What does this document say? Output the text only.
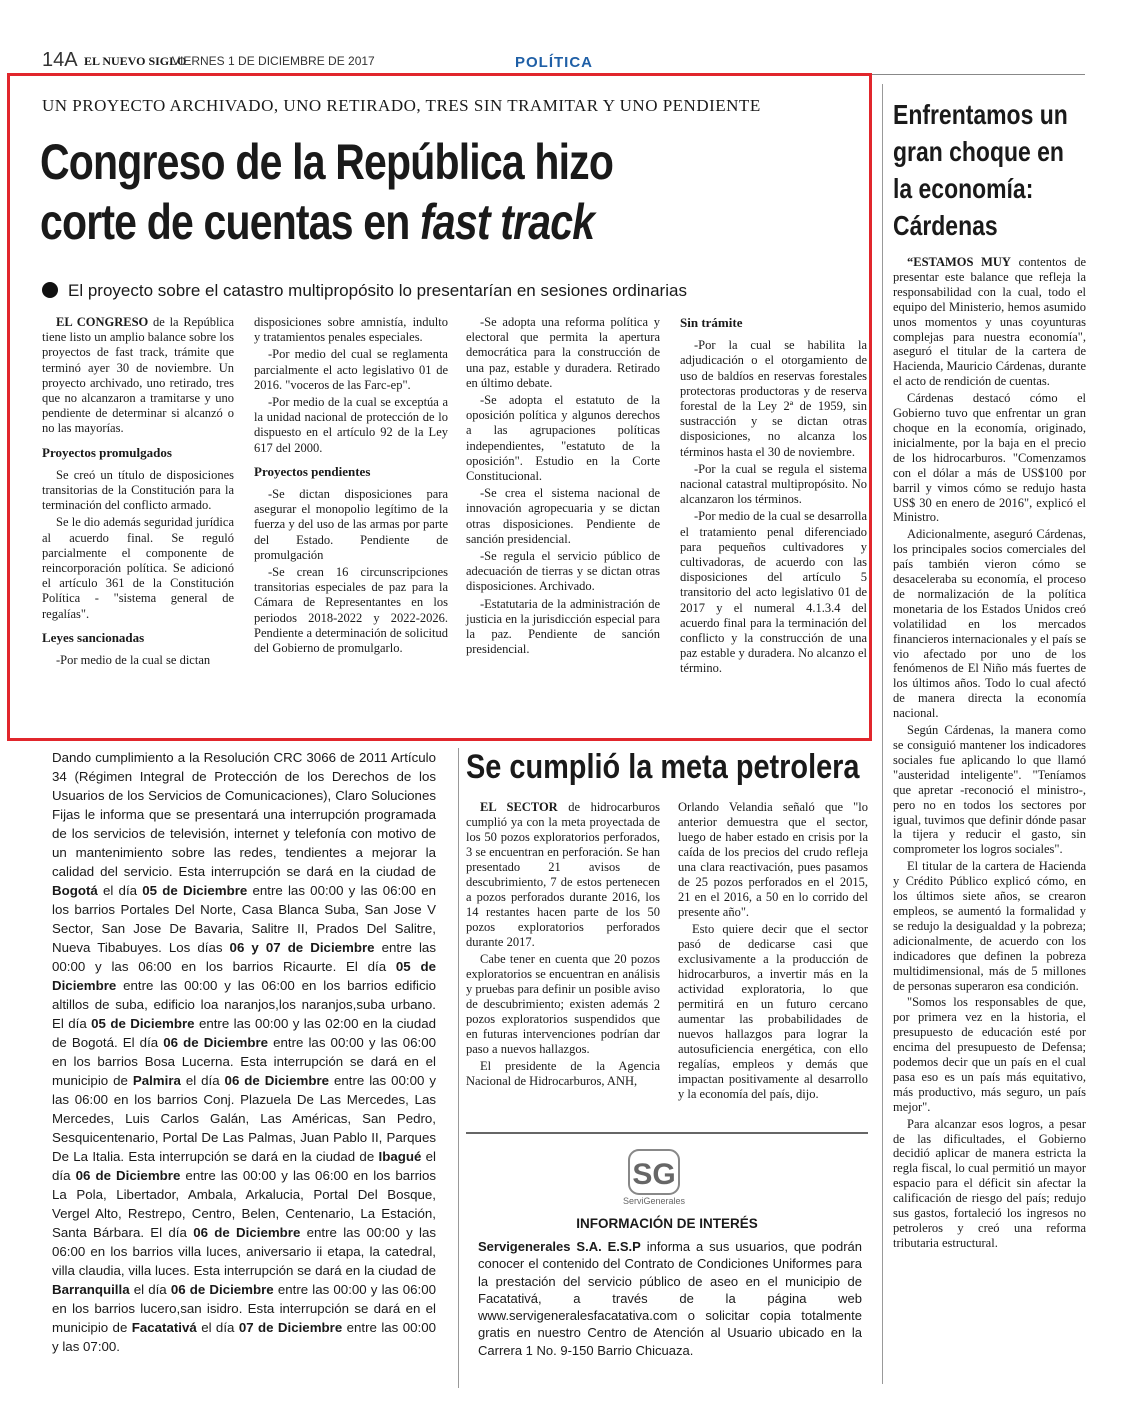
14A EL NUEVO SIGLO
VIERNES 1 DE DICIEMBRE DE 2017	POLÍTICA
UN PROYECTO ARCHIVADO, UNO RETIRADO, TRES SIN TRAMITAR Y UNO PENDIENTE
Congreso de la República hizo corte de cuentas en fast track
El proyecto sobre el catastro multipropósito lo presentarían en sesiones ordinarias

EL CONGRESO de la República tiene listo un amplio balance sobre los proyectos de fast track, trámite que terminó ayer 30 de noviembre. Un proyecto archivado, uno retirado, tres que no alcanzaron a tramitarse y uno pendiente de determinar si alcanzó o no las mayorías.

Proyectos promulgados

Se creó un título de disposiciones transitorias de la Constitución para la terminación del conflicto armado.

Se le dio además seguridad jurídica al acuerdo final. Se reguló parcialmente el componente de reincorporación política. Se adicionó el artículo 361 de la Constitución Política - "sistema general de regalías".

Leyes sancionadas

-Por medio de la cual se dictan

disposiciones sobre amnistía, indulto y tratamientos penales especiales.

-Por medio del cual se reglamenta parcialmente el acto legislativo 01 de 2016. "voceros de las Farc-ep".

-Por medio de la cual se exceptúa a la unidad nacional de protección de lo dispuesto en el artículo 92 de la Ley 617 del 2000.

Proyectos pendientes

-Se dictan disposiciones para asegurar el monopolio legítimo de la fuerza y del uso de las armas por parte del Estado. Pendiente de promulgación

-Se crean 16 circunscripciones transitorias especiales de paz para la Cámara de Representantes en los periodos 2018-2022 y 2022-2026. Pendiente a determinación de solicitud del Gobierno de promulgarlo.

-Se adopta una reforma política y electoral que permita la apertura democrática para la construcción de una paz, estable y duradera. Retirado en último debate.

-Se adopta el estatuto de la oposición política y algunos derechos a las agrupaciones políticas independientes, "estatuto de la oposición". Estudio en la Corte Constitucional.

-Se crea el sistema nacional de innovación agropecuaria y se dictan otras disposiciones. Pendiente de sanción presidencial.

-Se regula el servicio público de adecuación de tierras y se dictan otras disposiciones. Archivado.

-Estatutaria de la administración de justicia en la jurisdicción especial para la paz. Pendiente de sanción presidencial.

Sin trámite

-Por la cual se habilita la adjudicación o el otorgamiento de uso de baldíos en reservas forestales protectoras productoras y de reserva forestal de la Ley 2ª de 1959, sin sustracción y se dictan otras disposiciones, no alcanza los términos hasta el 30 de noviembre.

-Por la cual se regula el sistema nacional catastral multipropósito. No alcanzaron los términos.

-Por medio de la cual se desarrolla el tratamiento penal diferenciado para pequeños cultivadores y cultivadoras, de acuerdo con las disposiciones del artículo 5 transitorio del acto legislativo 01 de 2017 y el numeral 4.1.3.4 del acuerdo final para la terminación del conflicto y la construcción de una paz estable y duradera. No alcanzo el término.

Enfrentamos un gran choque en la economía: Cárdenas

“ESTAMOS MUY contentos de presentar este balance que refleja la responsabilidad con la cual, todo el equipo del Ministerio, hemos asumido unos momentos y unas coyunturas complejas para nuestra economía", aseguró el titular de la cartera de Hacienda, Mauricio Cárdenas, durante el acto de rendición de cuentas.

Cárdenas destacó cómo el Gobierno tuvo que enfrentar un gran choque en la economía, originado, inicialmente, por la baja en el precio de los hidrocarburos. "Comenzamos con el dólar a más de US$100 por barril y vimos cómo se redujo hasta US$ 30 en enero de 2016", explicó el Ministro.

Adicionalmente, aseguró Cárdenas, los principales socios comerciales del país también vieron cómo se desaceleraba su economía, el proceso de normalización de la política monetaria de los Estados Unidos creó volatilidad en los mercados financieros internacionales y el país se vio afectado por uno de los fenómenos de El Niño más fuertes de los últimos años. Todo lo cual afectó de manera directa la economía nacional.

Según Cárdenas, la manera como se consiguió mantener los indicadores sociales fue aplicando lo que llamó "austeridad inteligente". "Teníamos que apretar -reconoció el ministro-, pero no en todos los sectores por igual, tuvimos que definir dónde pasar la tijera y reducir el gasto, sin comprometer los logros sociales".

El titular de la cartera de Hacienda y Crédito Público explicó cómo, en los últimos siete años, se crearon empleos, se aumentó la formalidad y se redujo la desigualdad y la pobreza; adicionalmente, de acuerdo con los indicadores que definen la pobreza multidimensional, más de 5 millones de personas superaron esa condición.

"Somos los responsables de que, por primera vez en la historia, el presupuesto de educación esté por encima del presupuesto de Defensa; podemos decir que un país en el cual pasa eso es un país más equitativo, más productivo, más seguro, un país mejor".

Para alcanzar esos logros, a pesar de las dificultades, el Gobierno decidió aplicar de manera estricta la regla fiscal, lo cual permitió un mayor espacio para el déficit sin afectar la calificación de riesgo del país; redujo sus gastos, fortaleció los ingresos no petroleros y creó una reforma tributaria estructural.

Dando cumplimiento a la Resolución CRC 3066 de 2011 Artículo 34 (Régimen Integral de Protección de los Derechos de los Usuarios de los Servicios de Comunicaciones), Claro Soluciones Fijas le informa que se presentará una interrupción programada de los servicios de televisión, internet y telefonía con motivo de un mantenimiento sobre las redes, tendientes a mejorar la calidad del servicio. Esta interrupción se dará en la ciudad de Bogotá el día 05 de Diciembre entre las 00:00 y las 06:00 en los barrios Portales Del Norte, Casa Blanca Suba, San Jose V Sector, San Jose De Bavaria, Salitre II, Prados Del Salitre, Nueva Tibabuyes. Los días 06 y 07 de Diciembre entre las 00:00 y las 06:00 en los barrios Ricaurte. El día 05 de Diciembre entre las 00:00 y las 06:00 en los barrios edificio altillos de suba, edificio loa naranjos,los naranjos,suba urbano. El día 05 de Diciembre entre las 00:00 y las 02:00 en la ciudad de Bogotá. El día 06 de Diciembre entre las 00:00 y las 06:00 en los barrios Bosa Lucerna. Esta interrupción se dará en el municipio de Palmira el día 06 de Diciembre entre las 00:00 y las 06:00 en los barrios Conj. Plazuela De Las Mercedes, Las Mercedes, Luis Carlos Galán, Las Américas, San Pedro, Sesquicentenario, Portal De Las Palmas, Juan Pablo II, Parques De La Italia. Esta interrupción se dará en la ciudad de Ibagué el día 06 de Diciembre entre las 00:00 y las 06:00 en los barrios La Pola, Libertador, Ambala, Arkalucia, Portal Del Bosque, Vergel Alto, Restrepo, Centro, Belen, Centenario, La Estación, Santa Bárbara. El día 06 de Diciembre entre las 00:00 y las 06:00 en los barrios villa luces, aniversario ii etapa, la catedral, villa claudia, villa luces. Esta interrupción se dará en la ciudad de Barranquilla el día 06 de Diciembre entre las 00:00 y las 06:00 en los barrios lucero,san isidro. Esta interrupción se dará en el municipio de Facatativá el día 07 de Diciembre entre las 00:00 y las 07:00.
Se cumplió la meta petrolera

EL SECTOR de hidrocarburos cumplió ya con la meta proyectada de los 50 pozos exploratorios perforados, 3 se encuentran en perforación. Se han presentado 21 avisos de descubrimiento, 7 de estos pertenecen a pozos perforados durante 2016, los 14 restantes hacen parte de los 50 pozos exploratorios perforados durante 2017.

Cabe tener en cuenta que 20 pozos exploratorios se encuentran en análisis y pruebas para definir un posible aviso de descubrimiento; existen además 2 pozos exploratorios suspendidos que en futuras intervenciones podrían dar paso a nuevos hallazgos.

El presidente de la Agencia Nacional de Hidrocarburos, ANH,

Orlando Velandia señaló que "lo anterior demuestra que el sector, luego de haber estado en crisis por la caída de los precios del crudo refleja una clara reactivación, pues pasamos de 25 pozos perforados en el 2015, 21 en el 2016, a 50 en lo corrido del presente año".

Esto quiere decir que el sector pasó de dedicarse casi que exclusivamente a la producción de hidrocarburos, a invertir más en la actividad exploratoria, lo que permitirá en un futuro cercano aumentar las probabilidades de nuevos hallazgos para lograr la autosuficiencia energética, con ello regalías, empleos y demás que impactan positivamente al desarrollo y la economía del país, dijo.

SG
ServiGenerales
INFORMACIÓN DE INTERÉS
Servigenerales S.A. E.S.P informa a sus usuarios, que podrán conocer el contenido del Contrato de Condiciones Uniformes para la prestación del servicio público de aseo en el municipio de Facatativá, a través de la página web www.servigeneralesfacatativa.com o solicitar copia totalmente gratis en nuestro Centro de Atención al Usuario ubicado en la Carrera 1 No. 9-150 Barrio Chicuaza.
